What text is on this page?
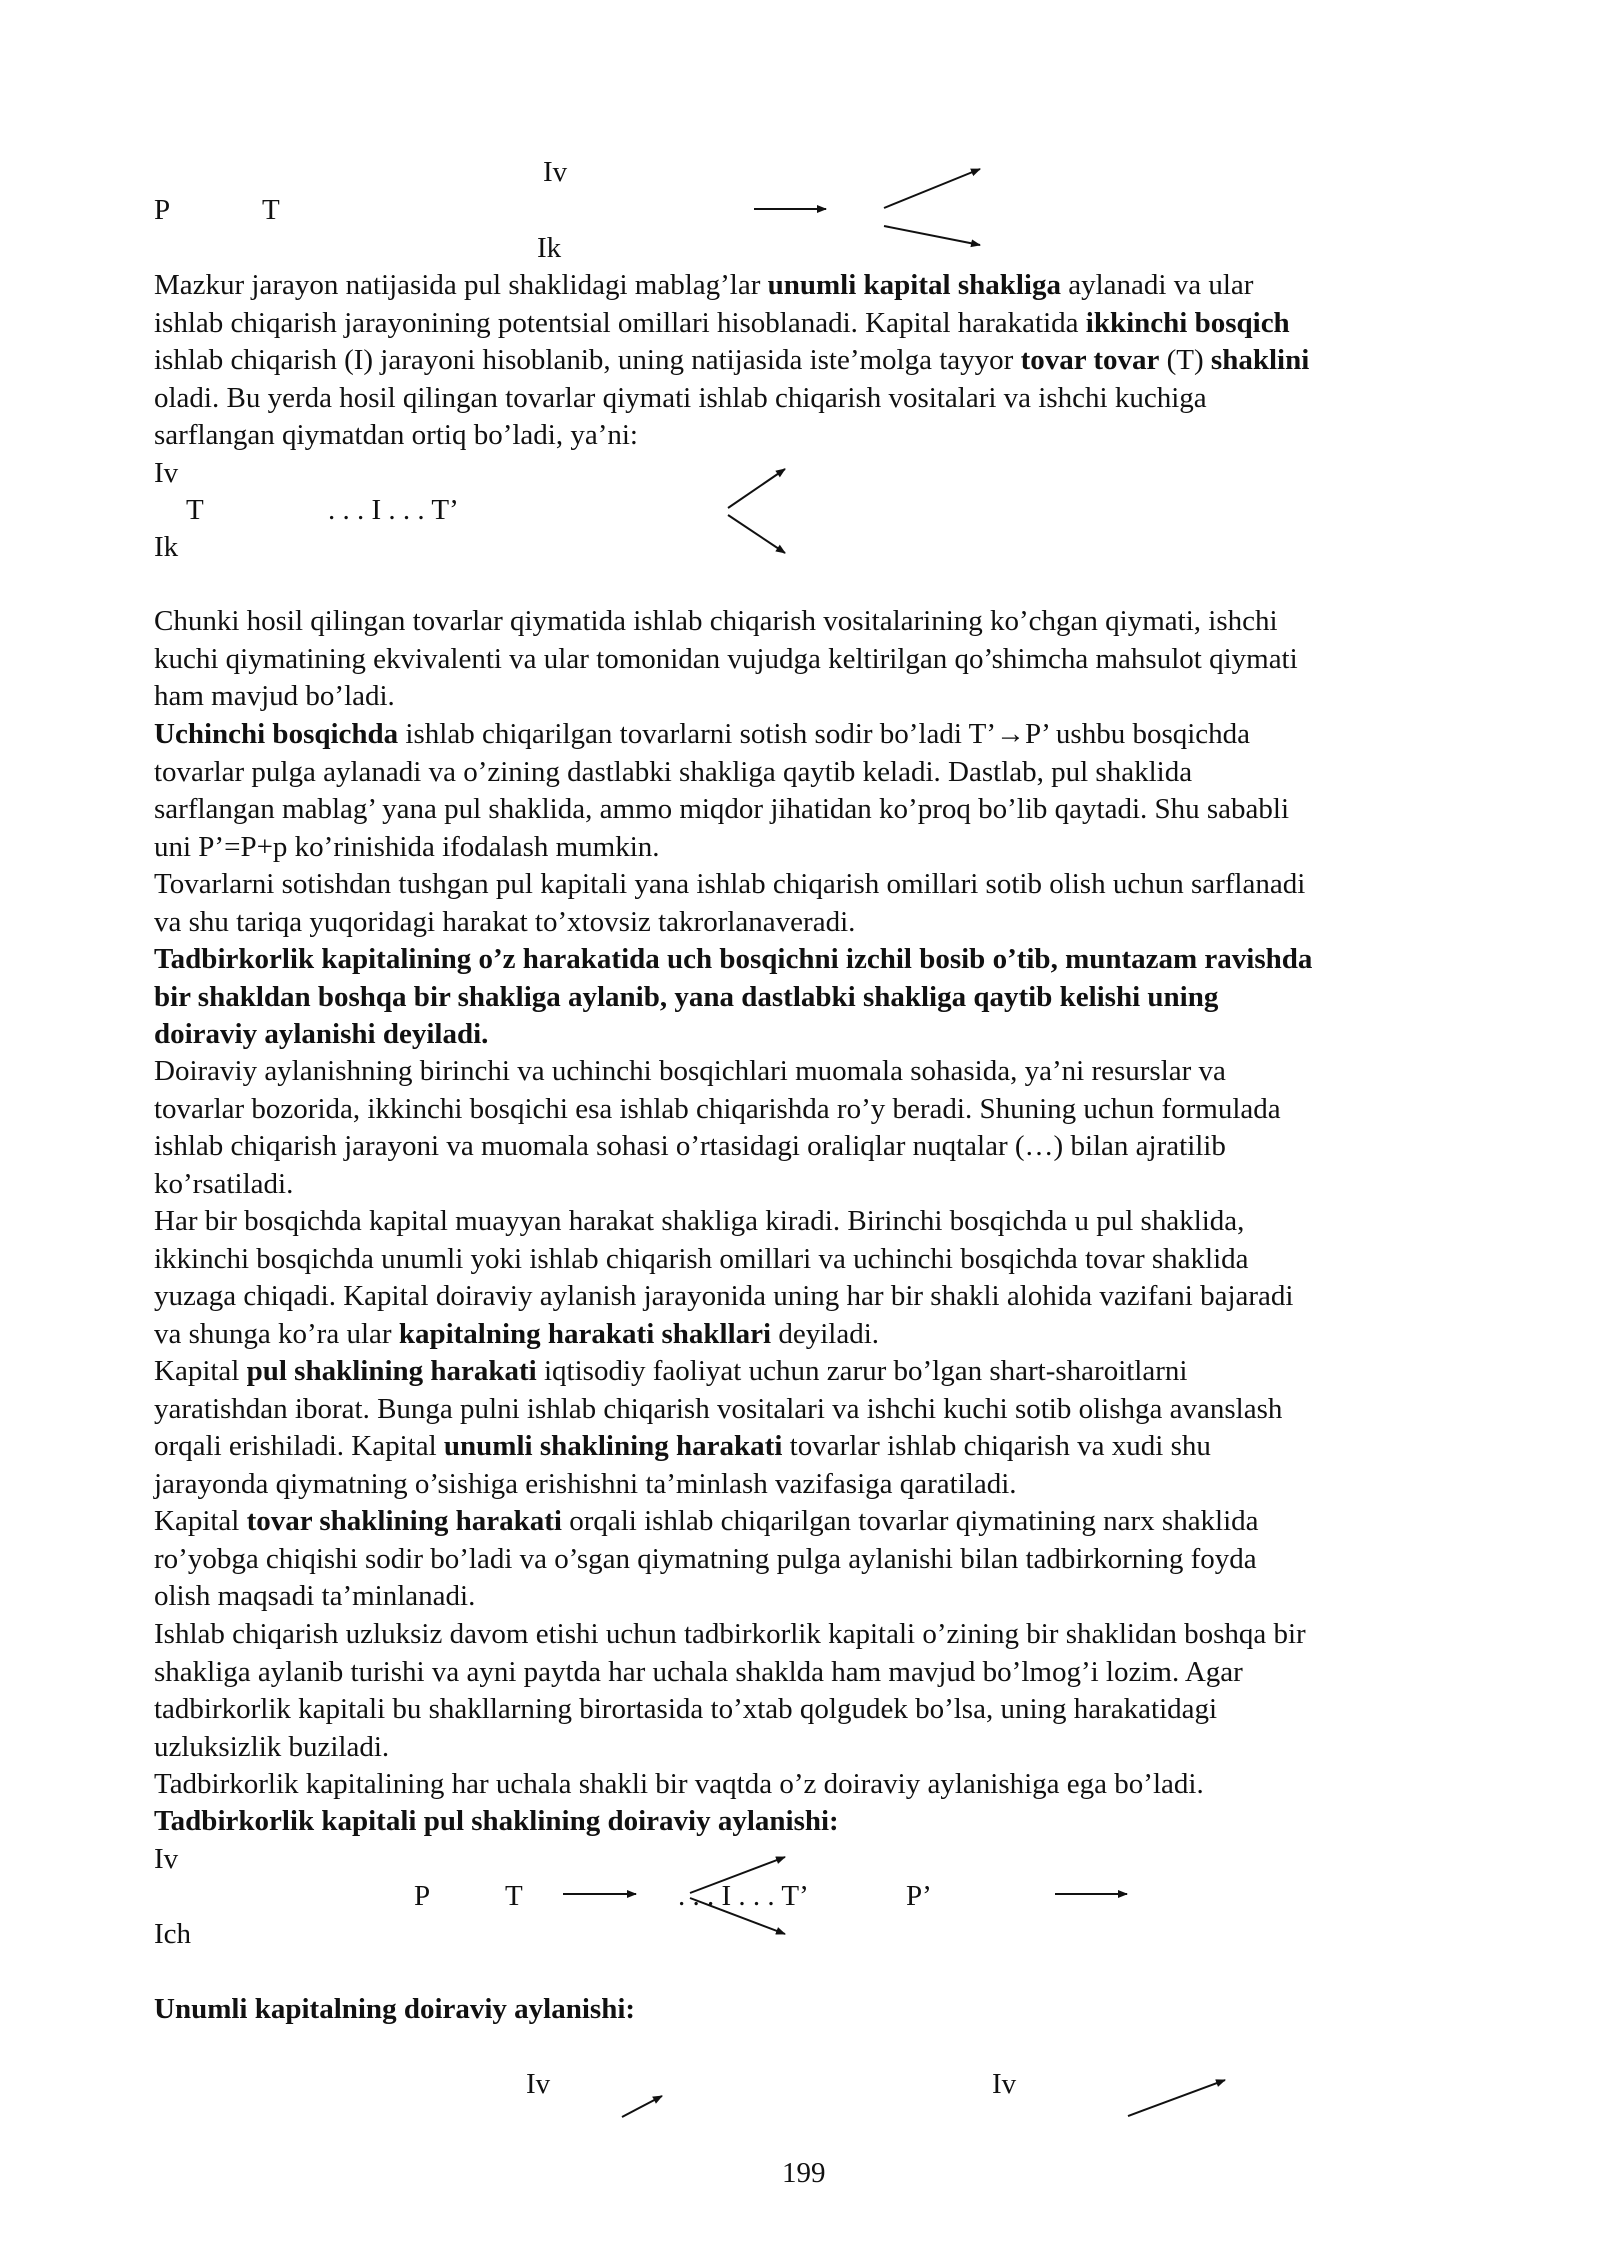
Iv
P	T
Ik
Mazkur jarayon natijasida pul shaklidagi mablag’lar unumli kapital shakliga aylanadi va ular
ishlab chiqarish jarayonining potentsial omillari hisoblanadi. Kapital harakatida ikkinchi bosqich
ishlab chiqarish (I) jarayoni hisoblanib, uning natijasida iste’molga tayyor tovar tovar (T) shaklini
oladi. Bu yerda hosil qilingan tovarlar qiymati ishlab chiqarish vositalari va ishchi kuchiga
sarflangan qiymatdan ortiq bo’ladi, ya’ni:
Iv
T	. . . I . . . T’
Ik
Chunki hosil qilingan tovarlar qiymatida ishlab chiqarish vositalarining ko’chgan qiymati, ishchi
kuchi qiymatining ekvivalenti va ular tomonidan vujudga keltirilgan qo’shimcha mahsulot qiymati
ham mavjud bo’ladi.
Uchinchi bosqichda ishlab chiqarilgan tovarlarni sotish sodir bo’ladi T’→P’ ushbu bosqichda
tovarlar pulga aylanadi va o’zining dastlabki shakliga qaytib keladi. Dastlab, pul shaklida
sarflangan mablag’ yana pul shaklida, ammo miqdor jihatidan ko’proq bo’lib qaytadi. Shu sababli
uni P’=P+p ko’rinishida ifodalash mumkin.
Tovarlarni sotishdan tushgan pul kapitali yana ishlab chiqarish omillari sotib olish uchun sarflanadi
va shu tariqa yuqoridagi harakat to’xtovsiz takrorlanaveradi.
Tadbirkorlik kapitalining o’z harakatida uch bosqichni izchil bosib o’tib, muntazam ravishda
bir shakldan boshqa bir shakliga aylanib, yana dastlabki shakliga qaytib kelishi uning
doiraviy aylanishi deyiladi.
Doiraviy aylanishning birinchi va uchinchi bosqichlari muomala sohasida, ya’ni resurslar va
tovarlar bozorida, ikkinchi bosqichi esa ishlab chiqarishda ro’y beradi. Shuning uchun formulada
ishlab chiqarish jarayoni va muomala sohasi o’rtasidagi oraliqlar nuqtalar (…) bilan ajratilib
ko’rsatiladi.
Har bir bosqichda kapital muayyan harakat shakliga kiradi. Birinchi bosqichda u pul shaklida,
ikkinchi bosqichda unumli yoki ishlab chiqarish omillari va uchinchi bosqichda tovar shaklida
yuzaga chiqadi. Kapital doiraviy aylanish jarayonida uning har bir shakli alohida vazifani bajaradi
va shunga ko’ra ular kapitalning harakati shakllari deyiladi.
Kapital pul shaklining harakati iqtisodiy faoliyat uchun zarur bo’lgan shart-sharoitlarni
yaratishdan iborat. Bunga pulni ishlab chiqarish vositalari va ishchi kuchi sotib olishga avanslash
orqali erishiladi. Kapital unumli shaklining harakati tovarlar ishlab chiqarish va xudi shu
jarayonda qiymatning o’sishiga erishishni ta’minlash vazifasiga qaratiladi.
Kapital tovar shaklining harakati orqali ishlab chiqarilgan tovarlar qiymatining narx shaklida
ro’yobga chiqishi sodir bo’ladi va o’sgan qiymatning pulga aylanishi bilan tadbirkorning foyda
olish maqsadi ta’minlanadi.
Ishlab chiqarish uzluksiz davom etishi uchun tadbirkorlik kapitali o’zining bir shaklidan boshqa bir
shakliga aylanib turishi va ayni paytda har uchala shaklda ham mavjud bo’lmog’i lozim. Agar
tadbirkorlik kapitali bu shakllarning birortasida to’xtab qolgudek bo’lsa, uning harakatidagi
uzluksizlik buziladi.
Tadbirkorlik kapitalining har uchala shakli bir vaqtda o’z doiraviy aylanishiga ega bo’ladi.
Tadbirkorlik kapitali pul shaklining doiraviy aylanishi:
Iv
P	T	. . . I . . . T’	P’
Ich
Unumli kapitalning doiraviy aylanishi:
Iv	Iv
199
